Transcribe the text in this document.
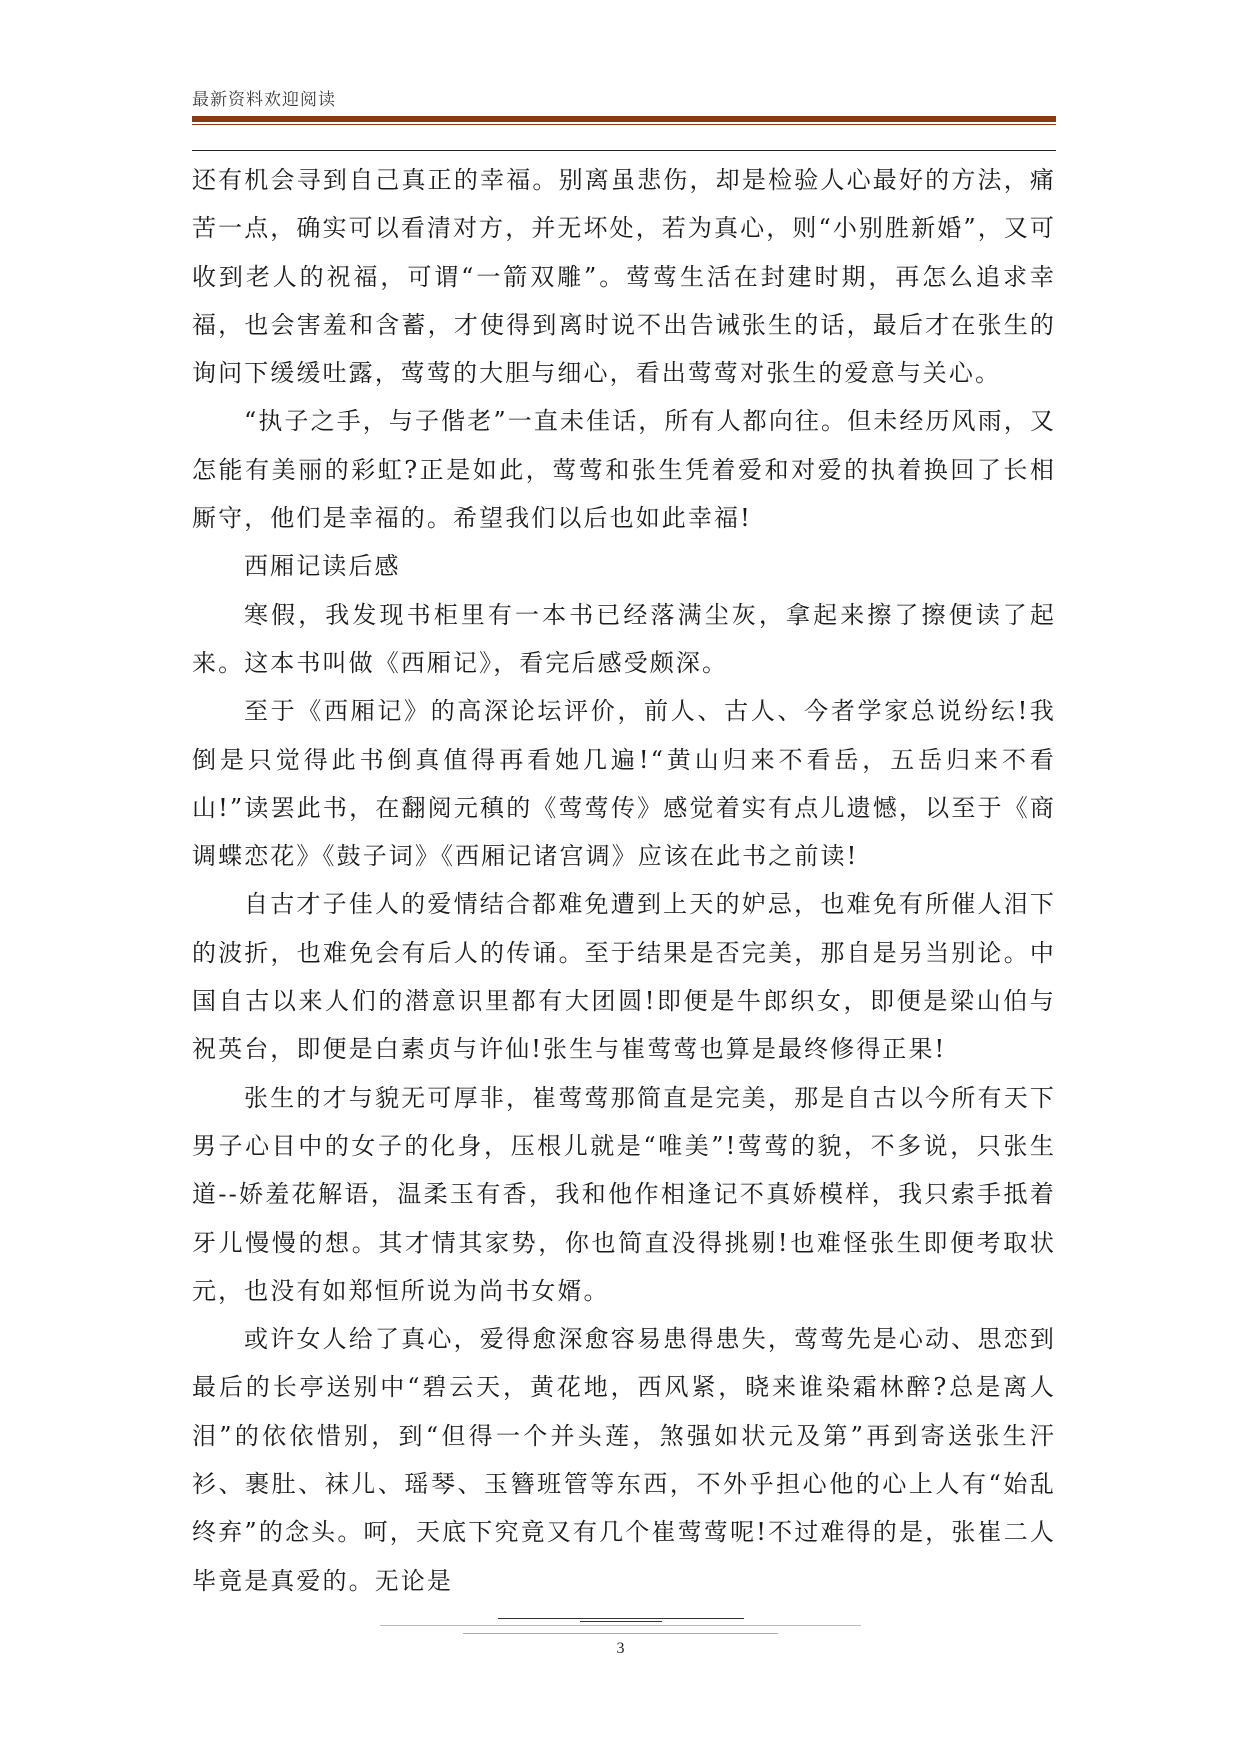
最新资料欢迎阅读

还有机会寻到自己真正的幸福。别离虽悲伤，却是检验人心最好的方法，痛苦一点，确实可以看清对方，并无坏处，若为真心，则“小别胜新婚”，又可收到老人的祝福，可谓“一箭双雕”。莺莺生活在封建时期，再怎么追求幸福，也会害羞和含蓄，才使得到离时说不出告诫张生的话，最后才在张生的询问下缓缓吐露，莺莺的大胆与细心，看出莺莺对张生的爱意与关心。

“执子之手，与子偕老”一直未佳话，所有人都向往。但未经历风雨，又怎能有美丽的彩虹?正是如此，莺莺和张生凭着爱和对爱的执着换回了长相厮守，他们是幸福的。希望我们以后也如此幸福!

西厢记读后感

寒假，我发现书柜里有一本书已经落满尘灰，拿起来擦了擦便读了起来。这本书叫做《西厢记》，看完后感受颇深。

至于《西厢记》的高深论坛评价，前人、古人、今者学家总说纷纭!我倒是只觉得此书倒真值得再看她几遍!“黄山归来不看岳，五岳归来不看山!”读罢此书，在翻阅元稹的《莺莺传》感觉着实有点儿遗憾，以至于《商调蝶恋花》《鼓子词》《西厢记诸宫调》应该在此书之前读!

自古才子佳人的爱情结合都难免遭到上天的妒忌，也难免有所催人泪下的波折，也难免会有后人的传诵。至于结果是否完美，那自是另当别论。中国自古以来人们的潜意识里都有大团圆!即便是牛郎织女，即便是梁山伯与祝英台，即便是白素贞与许仙!张生与崔莺莺也算是最终修得正果!

张生的才与貌无可厚非，崔莺莺那简直是完美，那是自古以今所有天下男子心目中的女子的化身，压根儿就是“唯美”!莺莺的貌，不多说，只张生道--娇羞花解语，温柔玉有香，我和他作相逢记不真娇模样，我只索手抵着牙儿慢慢的想。其才情其家势，你也简直没得挑剔!也难怪张生即便考取状元，也没有如郑恒所说为尚书女婿。

或许女人给了真心，爱得愈深愈容易患得患失，莺莺先是心动、思恋到最后的长亭送别中“碧云天，黄花地，西风紧，晓来谁染霜林醉?总是离人泪”的依依惜别，到“但得一个并头莲，煞强如状元及第”再到寄送张生汗衫、裹肚、袜儿、瑶琴、玉簪班管等东西，不外乎担心他的心上人有“始乱终弃”的念头。呵，天底下究竟又有几个崔莺莺呢!不过难得的是，张崔二人毕竟是真爱的。无论是

3
